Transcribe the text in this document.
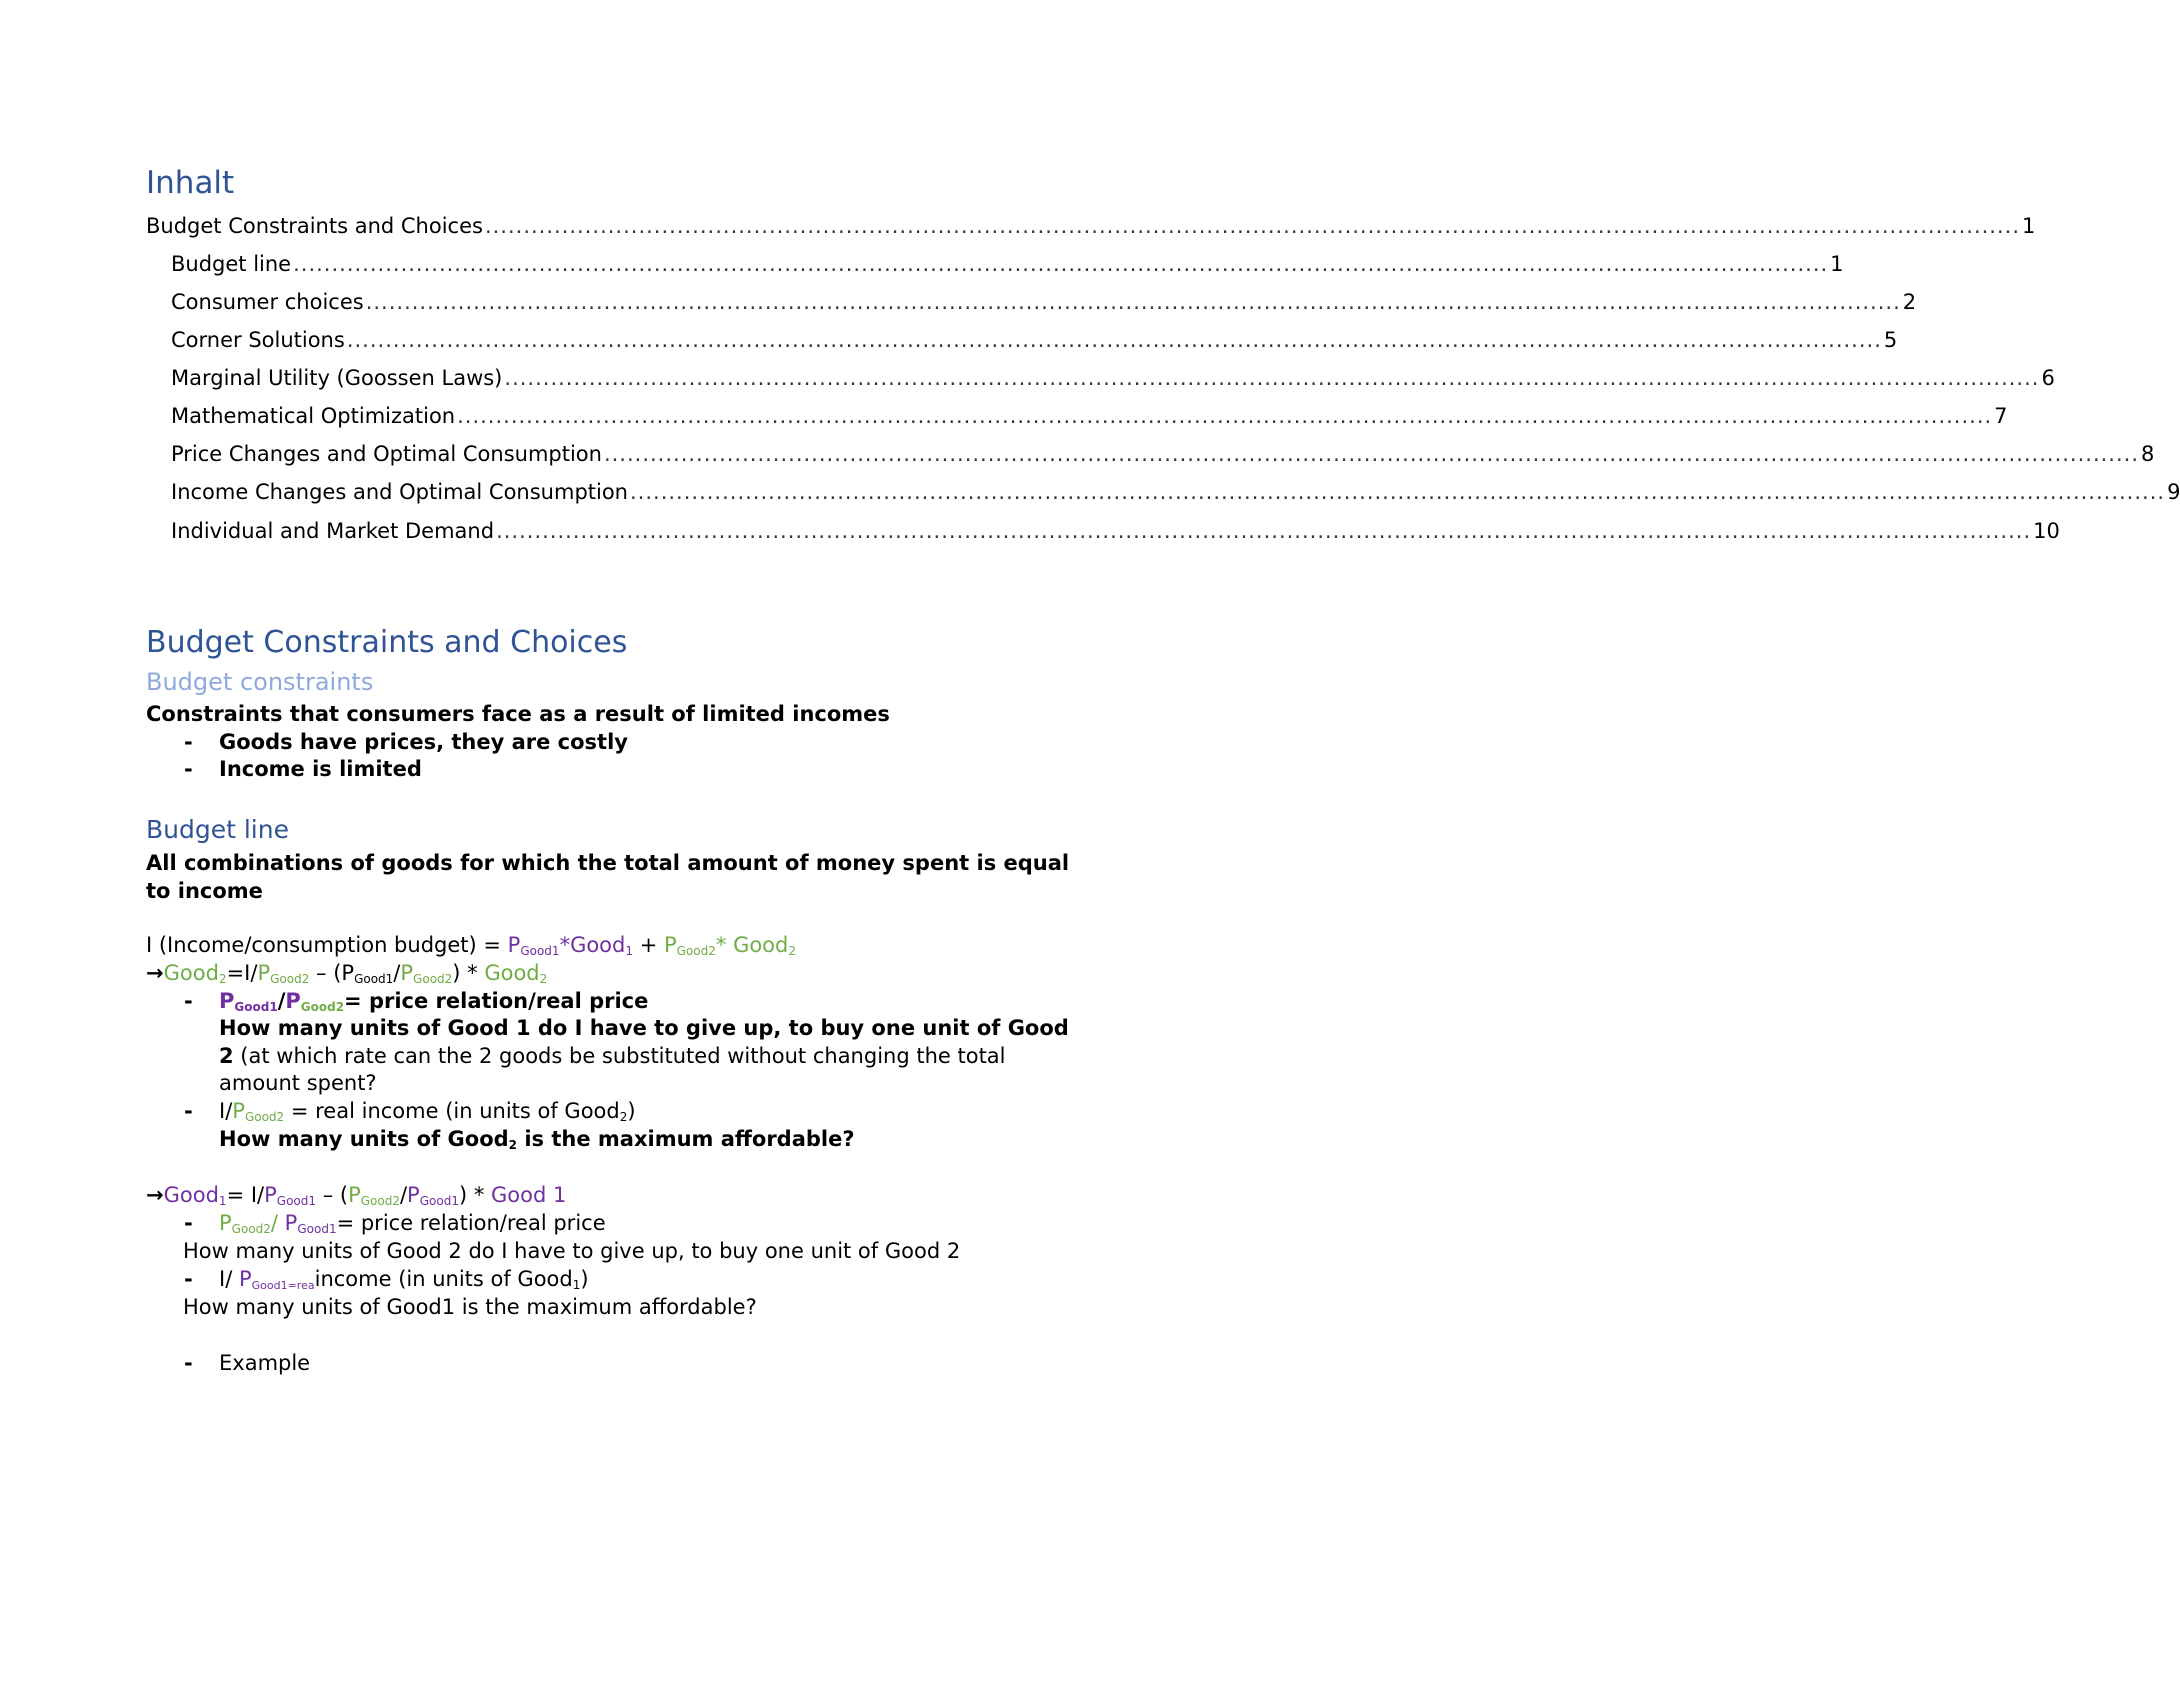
Inhalt
Budget Constraints and Choices ........................................................................................................................................................................................................ 1
Budget line ........................................................................................................................................................................................................ 1
Consumer choices ........................................................................................................................................................................................................ 2
Corner Solutions ........................................................................................................................................................................................................ 5
Marginal Utility (Goossen Laws) ........................................................................................................................................................................................................ 6
Mathematical Optimization ........................................................................................................................................................................................................ 7
Price Changes and Optimal Consumption ........................................................................................................................................................................................................ 8
Income Changes and Optimal Consumption ........................................................................................................................................................................................................ 9
Individual and Market Demand ........................................................................................................................................................................................................ 10
Budget Constraints and Choices
Budget constraints
Constraints that consumers face as a result of limited incomes
- Goods have prices, they are costly
- Income is limited
Budget line
All combinations of goods for which the total amount of money spent is equal
to income
I (Income/consumption budget) = $P_{Good1}*Good_1 + P_{Good2}*$ Good$_2$
$\to Good_2=I/P_{Good2} - (P_{Good1}/P_{Good2})$ * Good$_2$
- $P_{Good1}/P_{Good2}=$ price relation/real price
How many units of Good 1 do I have to give up, to buy one unit of Good
2 (at which rate can the 2 goods be substituted without changing the total
amount spent?
- $I/P_{Good2}$ = real income (in units of Good$_2$)
How many units of Good$_2$ is the maximum affordable?
→Good$_1$= $I/P_{Good1} - (P_{Good2}/P_{Good1})$ * Good 1
- $P_{Good2}/$ $P_{Good1}=$ price relation/real price
How many units of Good 2 do I have to give up, to buy one unit of Good 2
- I/ $P_{Good1=rea}income$ (in units of Good$_1$)
How many units of Good1 is the maximum affordable?
- Example
